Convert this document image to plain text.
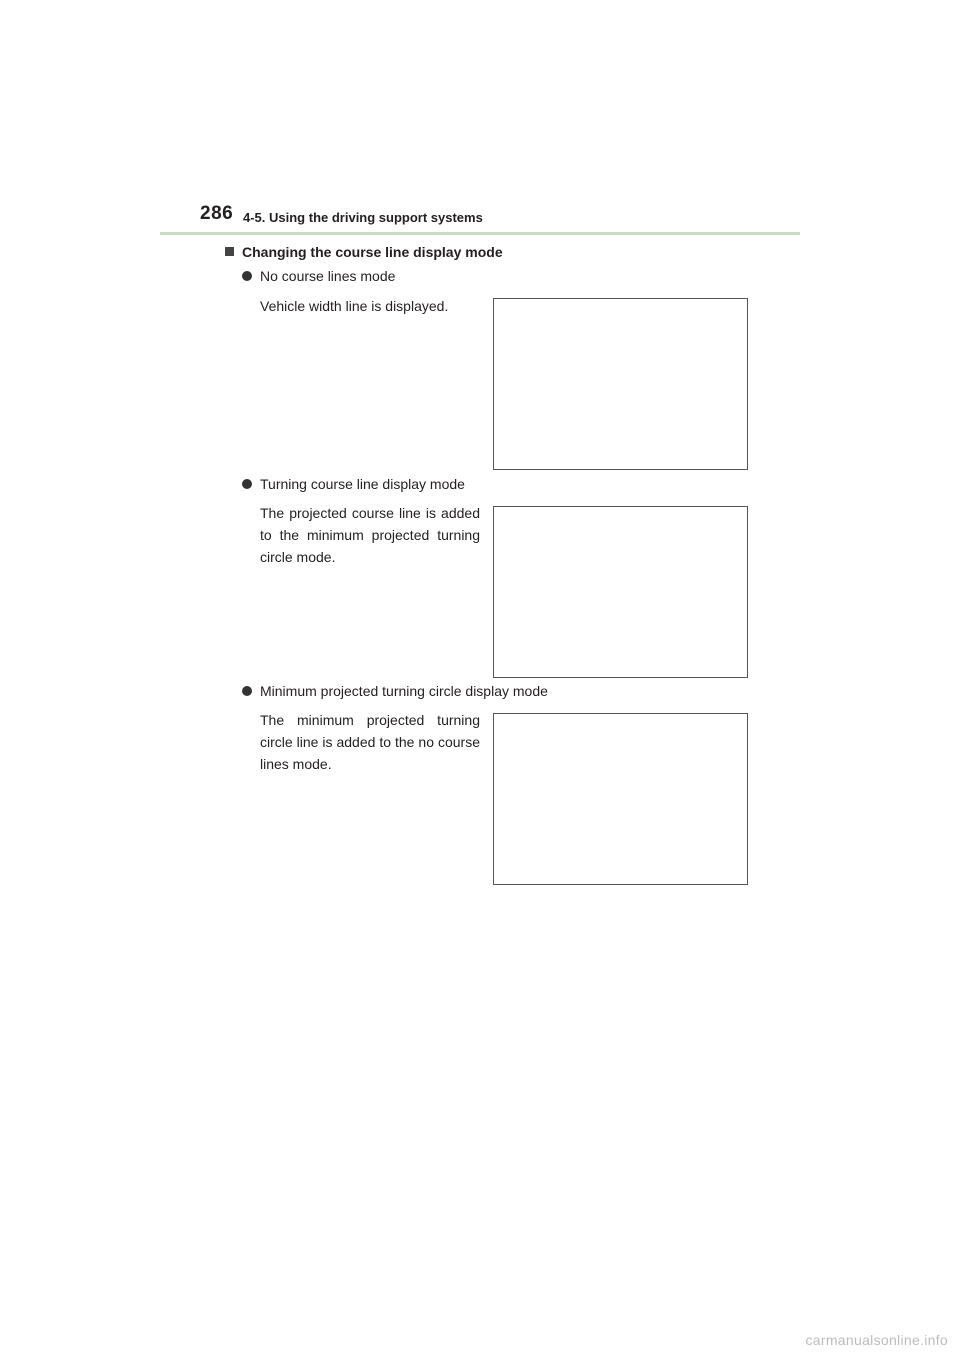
286 4-5. Using the driving support systems
Changing the course line display mode
No course lines mode
Vehicle width line is displayed.
Turning course line display mode
The projected course line is added to the minimum projected turning circle mode.
Minimum projected turning circle display mode
The minimum projected turning circle line is added to the no course lines mode.
carmanualsonline.info
